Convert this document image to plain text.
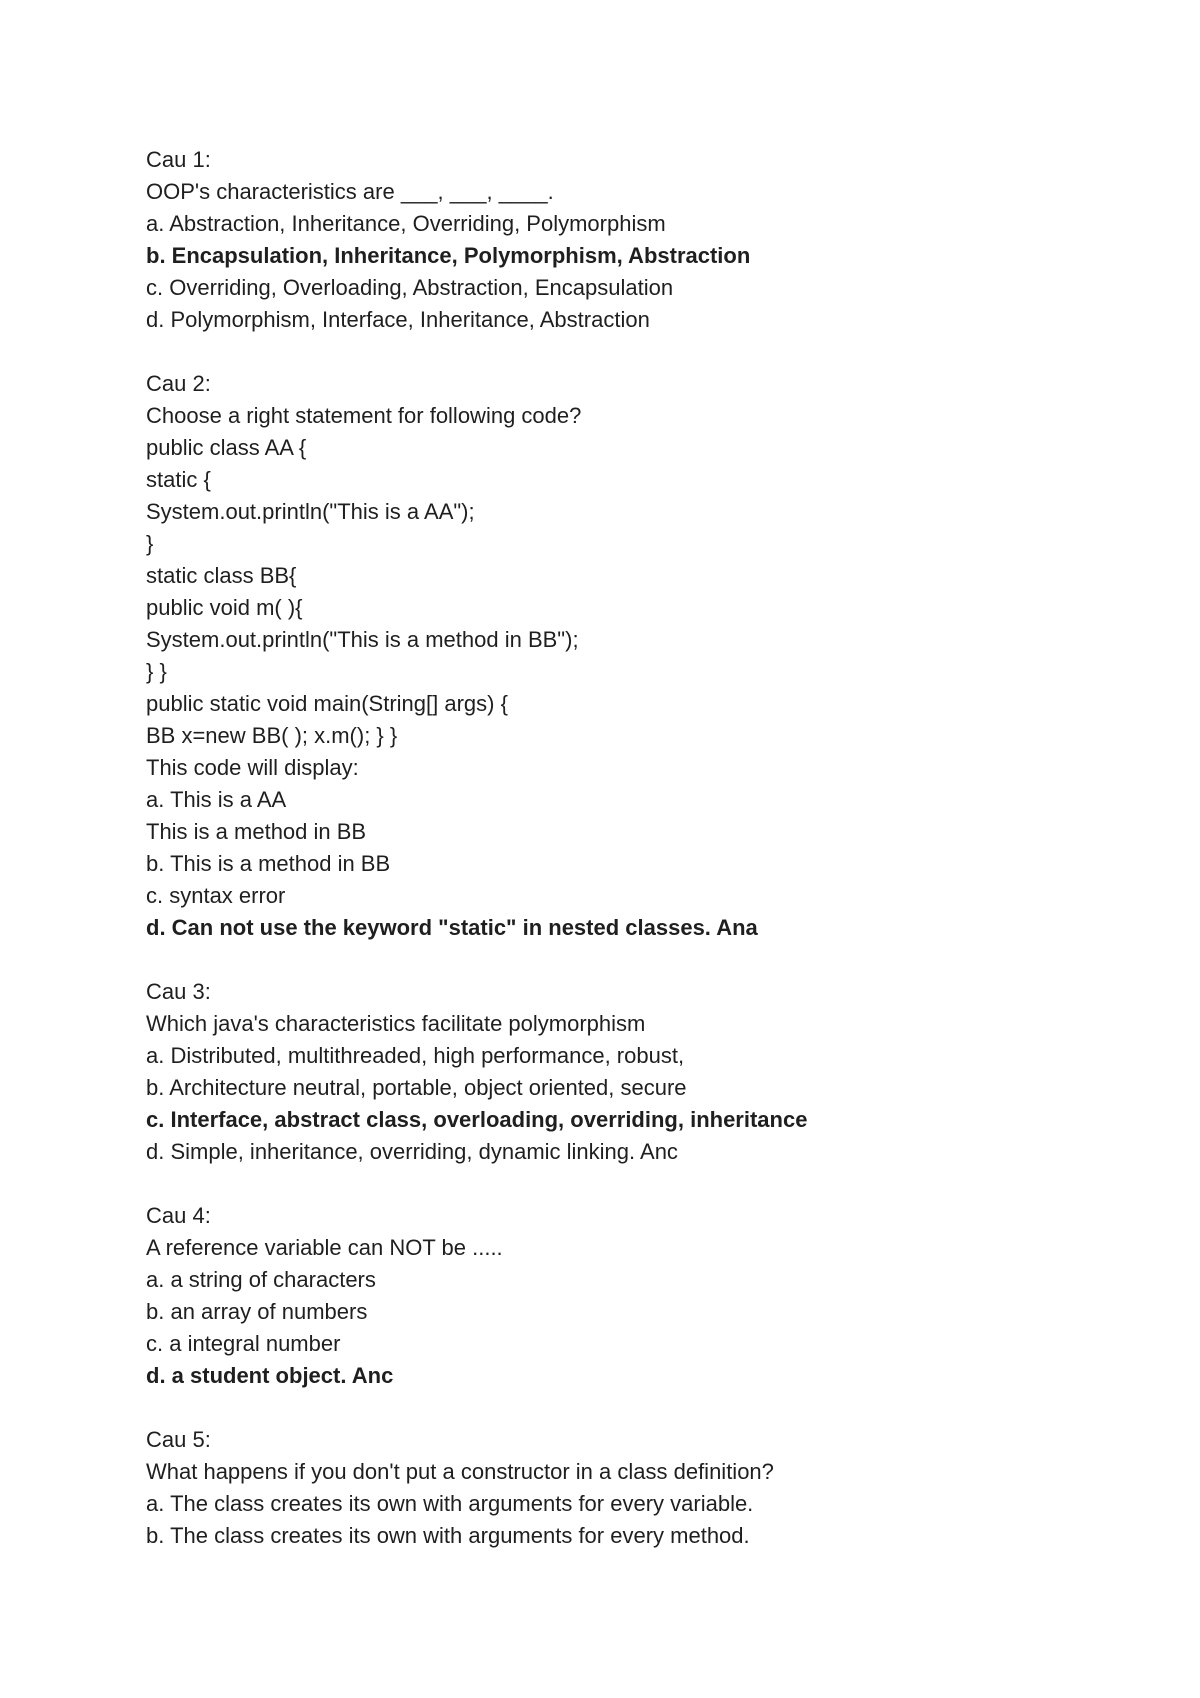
Cau 1:
OOP's characteristics are ___, ___, ____.
a. Abstraction, Inheritance, Overriding, Polymorphism
b. Encapsulation, Inheritance, Polymorphism, Abstraction
c. Overriding, Overloading, Abstraction, Encapsulation
d. Polymorphism, Interface, Inheritance, Abstraction
Cau 2:
Choose a right statement for following code?
public class AA {
static {
System.out.println("This is a AA");
}
static class BB{
public void m( ){
System.out.println("This is a method in BB");
} }
public static void main(String[] args) {
BB x=new BB( ); x.m(); } }
This code will display:
a. This is a AA
This is a method in BB
b. This is a method in BB
c. syntax error
d. Can not use the keyword "static" in nested classes. Ana
Cau 3:
Which java's characteristics facilitate polymorphism
a. Distributed, multithreaded, high performance, robust,
b. Architecture neutral, portable, object oriented, secure
c. Interface, abstract class, overloading, overriding, inheritance
d. Simple, inheritance, overriding, dynamic linking. Anc
Cau 4:
A reference variable can NOT be .....
a. a string of characters
b. an array of numbers
c. a integral number
d. a student object. Anc
Cau 5:
What happens if you don't put a constructor in a class definition?
a. The class creates its own with arguments for every variable.
b. The class creates its own with arguments for every method.
